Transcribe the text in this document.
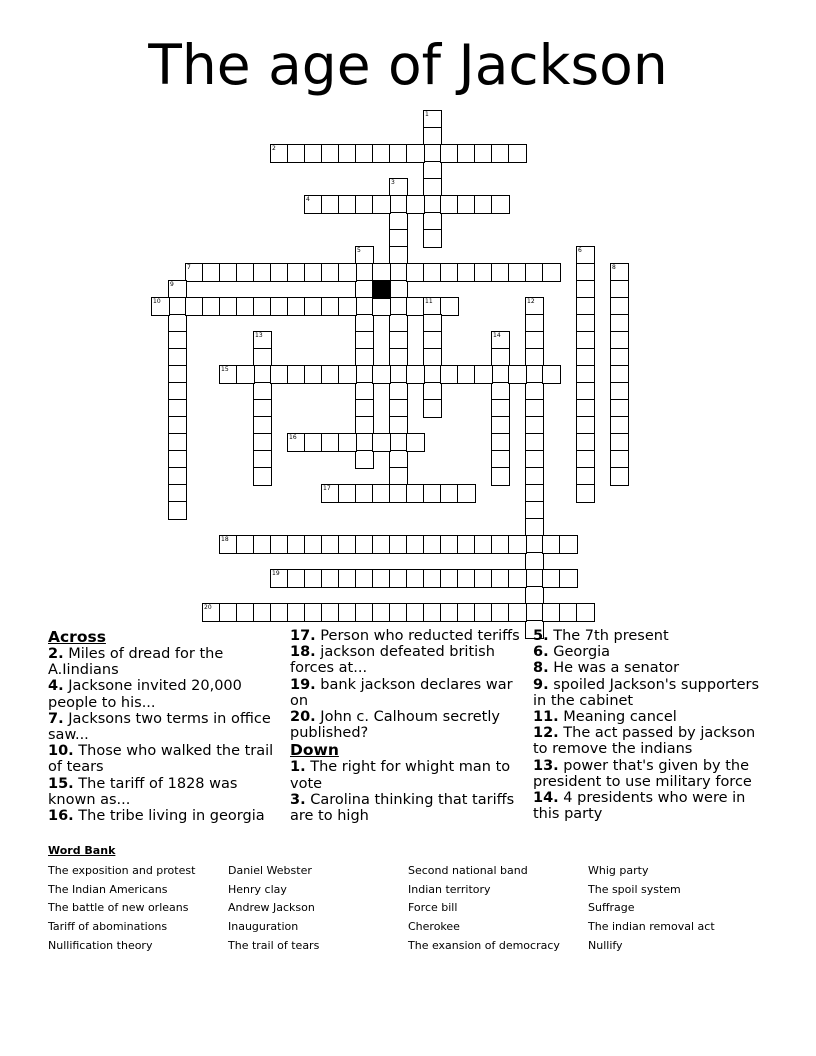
The age of Jackson
1
2
3
4
5	6
7	8
9
10	11	12
13	14
15
16
17
18
19
20
Across
2. Miles of dread for the A.Iindians
4. Jacksone invited 20,000 people to his...
7. Jacksons two terms in office saw...
10. Those who walked the trail of tears
15. The tariff of 1828 was known as...
16. The tribe living in georgia
17. Person who reducted teriffs
18. jackson defeated british forces at...
19. bank jackson declares war on
20. John c. Calhoum secretly published?
Down
1. The right for whight man to vote
3. Carolina thinking that tariffs are to high
5. The 7th present
6. Georgia
8. He was a senator
9. spoiled Jackson's supporters in the cabinet
11. Meaning cancel
12. The act passed by jackson to remove the indians
13. power that's given by the president to use military force
14. 4 presidents who were in this party
Word Bank
The exposition and protest
The Indian Americans
The battle of new orleans
Tariff of abominations
Nullification theory
Daniel Webster
Henry clay
Andrew Jackson
Inauguration
The trail of tears
Second national band
Indian territory
Force bill
Cherokee
The exansion of democracy
Whig party
The spoil system
Suffrage
The indian removal act
Nullify
